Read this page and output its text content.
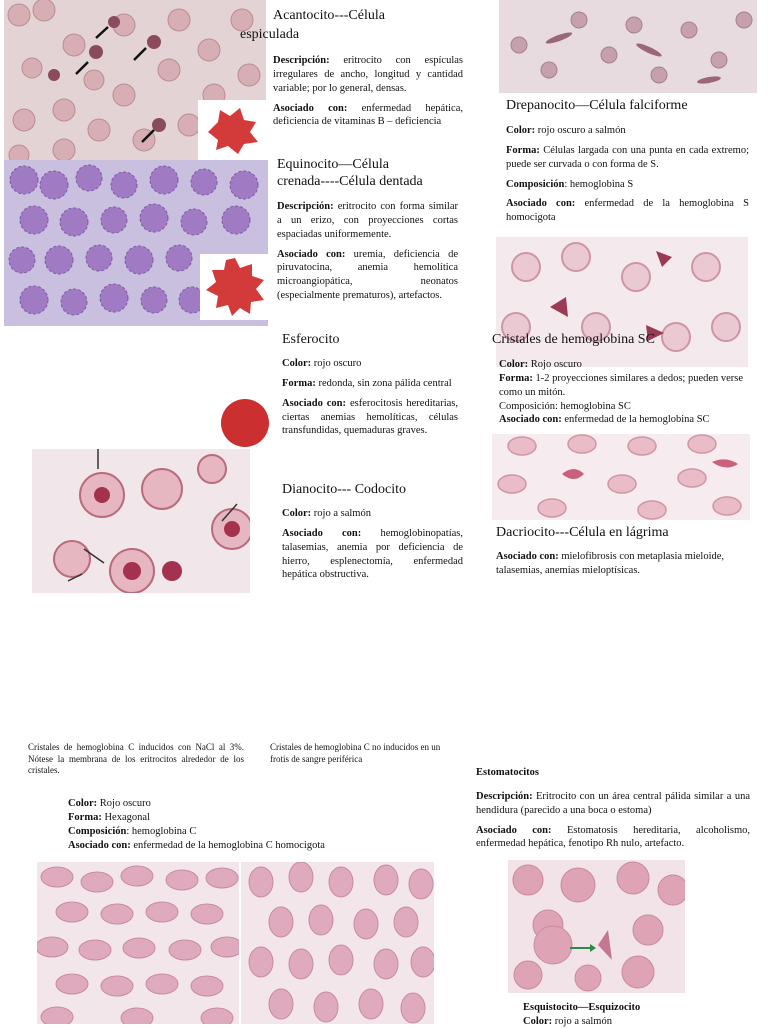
Acantocito---Célula
espiculada

Descripción: eritrocito con espículas irregulares de ancho, longitud y cantidad variable; por lo general, densas.

Asociado con: enfermedad hepática, deficiencia de vitaminas B – deficiencia

Equinocito—Célula
crenada----Célula dentada

Descripción: eritrocito con forma similar a un erizo, con proyecciones cortas espaciadas uniformemente.

Asociado con: uremia, deficiencia de piruvatocina, anemia hemolítica microangiopática, neonatos (especialmente prematuros), artefactos.

Esferocito

Color: rojo oscuro

Forma: redonda, sin zona pálida central

Asociado con: esferocitosis hereditarias, ciertas anemias hemolíticas, células transfundidas, quemaduras graves.

Dianocito--- Codocito

Color: rojo a salmón

Asociado con: hemoglobinopatías, talasemias, anemia por deficiencia de hierro, esplenectomía, enfermedad hepática obstructiva.

Drepanocito—Célula falciforme

Color: rojo oscuro a salmón

Forma: Células largada con una punta en cada extremo; puede ser curvada o con forma de S.

Composición: hemoglobina S

Asociado con: enfermedad de la hemoglobina S homocigota

Cristales de hemoglobina SC
Color: Rojo oscuro
Forma: 1-2 proyecciones similares a dedos; pueden verse como un mitón.
Composición: hemoglobina SC
Asociado con: enfermedad de la hemoglobina SC
Dacriocito---Célula en lágrima

Asociado con: mielofibrosis con metaplasia mieloide, talasemias, anemias mieloptísicas.

Cristales de hemoglobina C inducidos con NaCl al 3%. Nótese la membrana de los eritrocitos alrededor de los cristales.
Cristales de hemoglobina C no inducidos en un frotis de sangre periférica
Color: Rojo oscuro
Forma: Hexagonal
Composición: hemoglobina C
Asociado con: enfermedad de la hemoglobina C homocigota

Estomatocitos

Descripción: Eritrocito con un área central pálida similar a una hendidura (parecido a una boca o estoma)

Asociado con: Estomatosis hereditaria, alcoholismo, enfermedad hepática, fenotipo Rh nulo, artefacto.

Esquistocito—Esquizocito
Color: rojo a salmón
